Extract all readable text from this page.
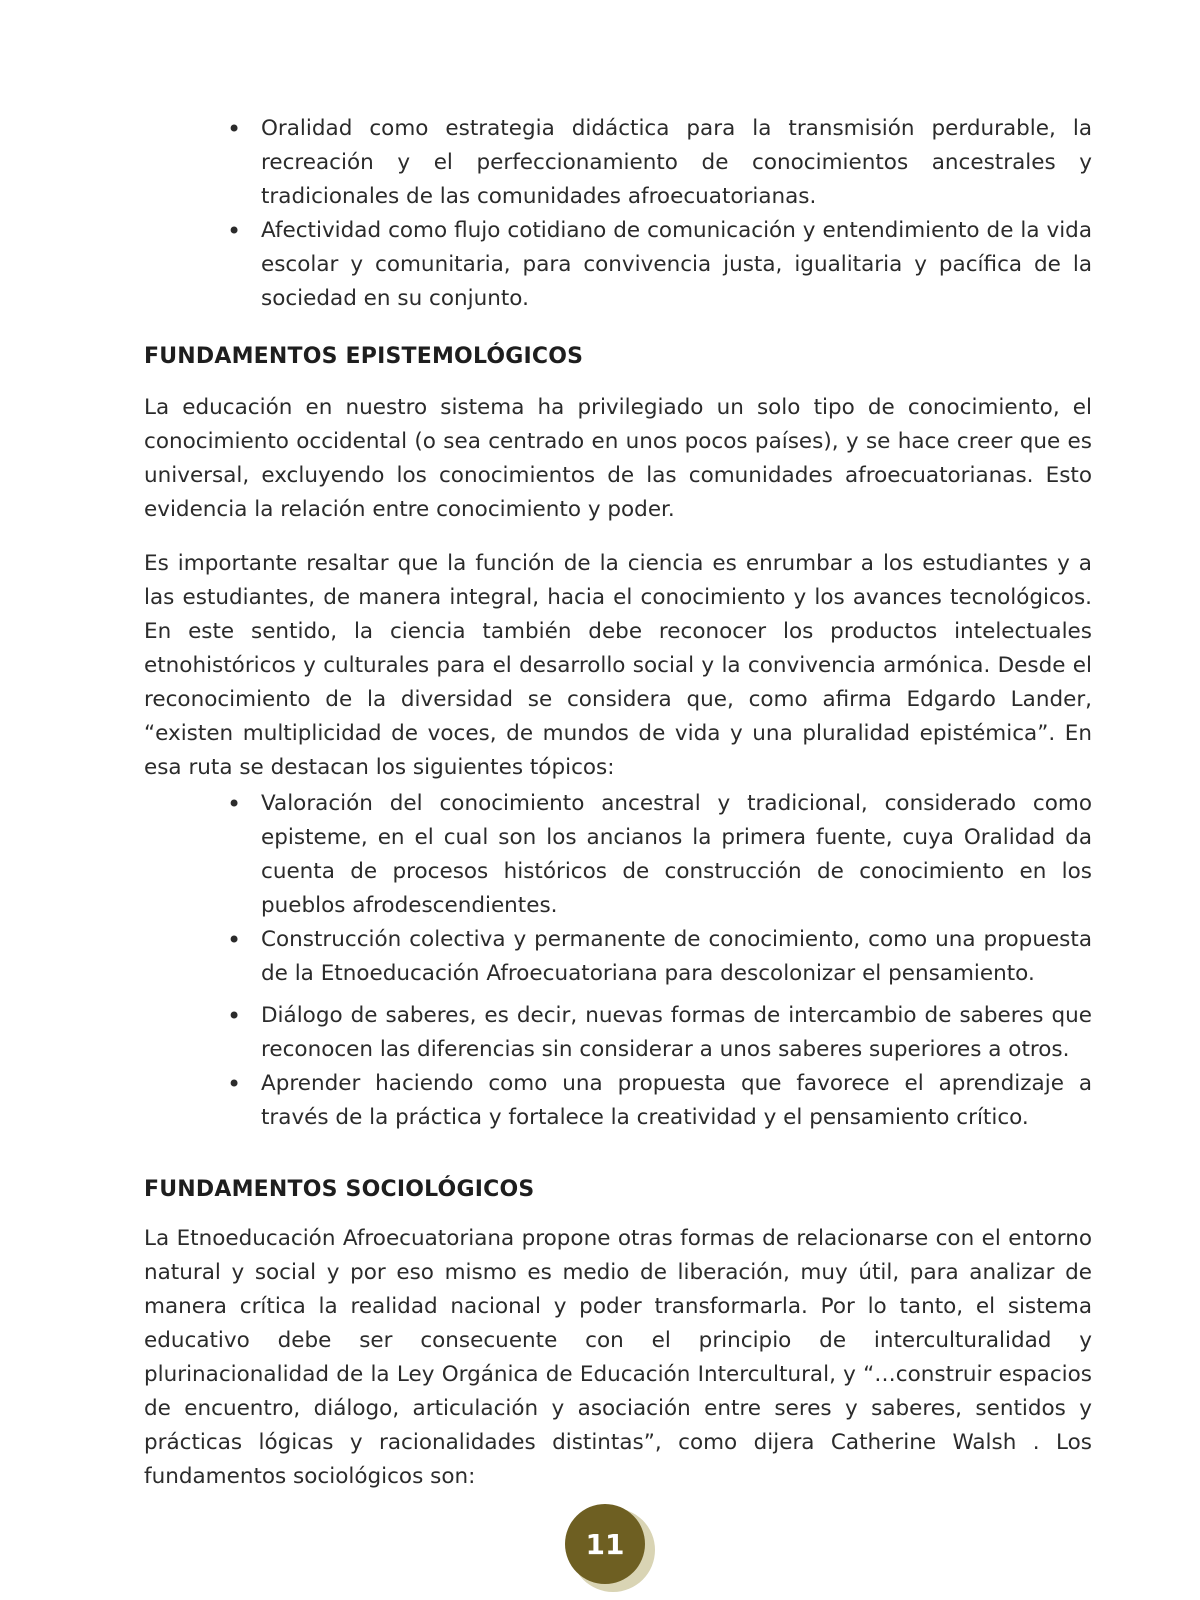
• Oralidad como estrategia didáctica para la transmisión perdurable, la recreación y el perfeccionamiento de conocimientos ancestrales y tradicionales de las comunidades afroecuatorianas.
• Afectividad como flujo cotidiano de comunicación y entendimiento de la vida escolar y comunitaria, para convivencia justa, igualitaria y pacífica de la sociedad en su conjunto.
FUNDAMENTOS EPISTEMOLÓGICOS

La educación en nuestro sistema ha privilegiado un solo tipo de conocimiento, el conocimiento occidental (o sea centrado en unos pocos países), y se hace creer que es universal, excluyendo los conocimientos de las comunidades afroecuatorianas. Esto evidencia la relación entre conocimiento y poder.

Es importante resaltar que la función de la ciencia es enrumbar a los estudiantes y a las estudiantes, de manera integral, hacia el conocimiento y los avances tecnológicos. En este sentido, la ciencia también debe reconocer los productos intelectuales etnohistóricos y culturales para el desarrollo social y la convivencia armónica. Desde el reconocimiento de la diversidad se considera que, como afirma Edgardo Lander, “existen multiplicidad de voces, de mundos de vida y una pluralidad epistémica”. En esa ruta se destacan los siguientes tópicos:

• Valoración del conocimiento ancestral y tradicional, considerado como episteme, en el cual son los ancianos la primera fuente, cuya Oralidad da cuenta de procesos históricos de construcción de conocimiento en los pueblos afrodescendientes.
• Construcción colectiva y permanente de conocimiento, como una propuesta de la Etnoeducación Afroecuatoriana para descolonizar el pensamiento.
• Diálogo de saberes, es decir, nuevas formas de intercambio de saberes que reconocen las diferencias sin considerar a unos saberes superiores a otros.
• Aprender haciendo como una propuesta que favorece el aprendizaje a través de la práctica y fortalece la creatividad y el pensamiento crítico.
FUNDAMENTOS SOCIOLÓGICOS

La Etnoeducación Afroecuatoriana propone otras formas de relacionarse con el entorno natural y social y por eso mismo es medio de liberación, muy útil, para analizar de manera crítica la realidad nacional y poder transformarla. Por lo tanto, el sistema educativo debe ser consecuente con el principio de interculturalidad y plurinacionalidad de la Ley Orgánica de Educación Intercultural, y “…construir espacios de encuentro, diálogo, articulación y asociación entre seres y saberes, sentidos y prácticas lógicas y racionalidades distintas”, como dijera Catherine Walsh . Los fundamentos sociológicos son:

11
